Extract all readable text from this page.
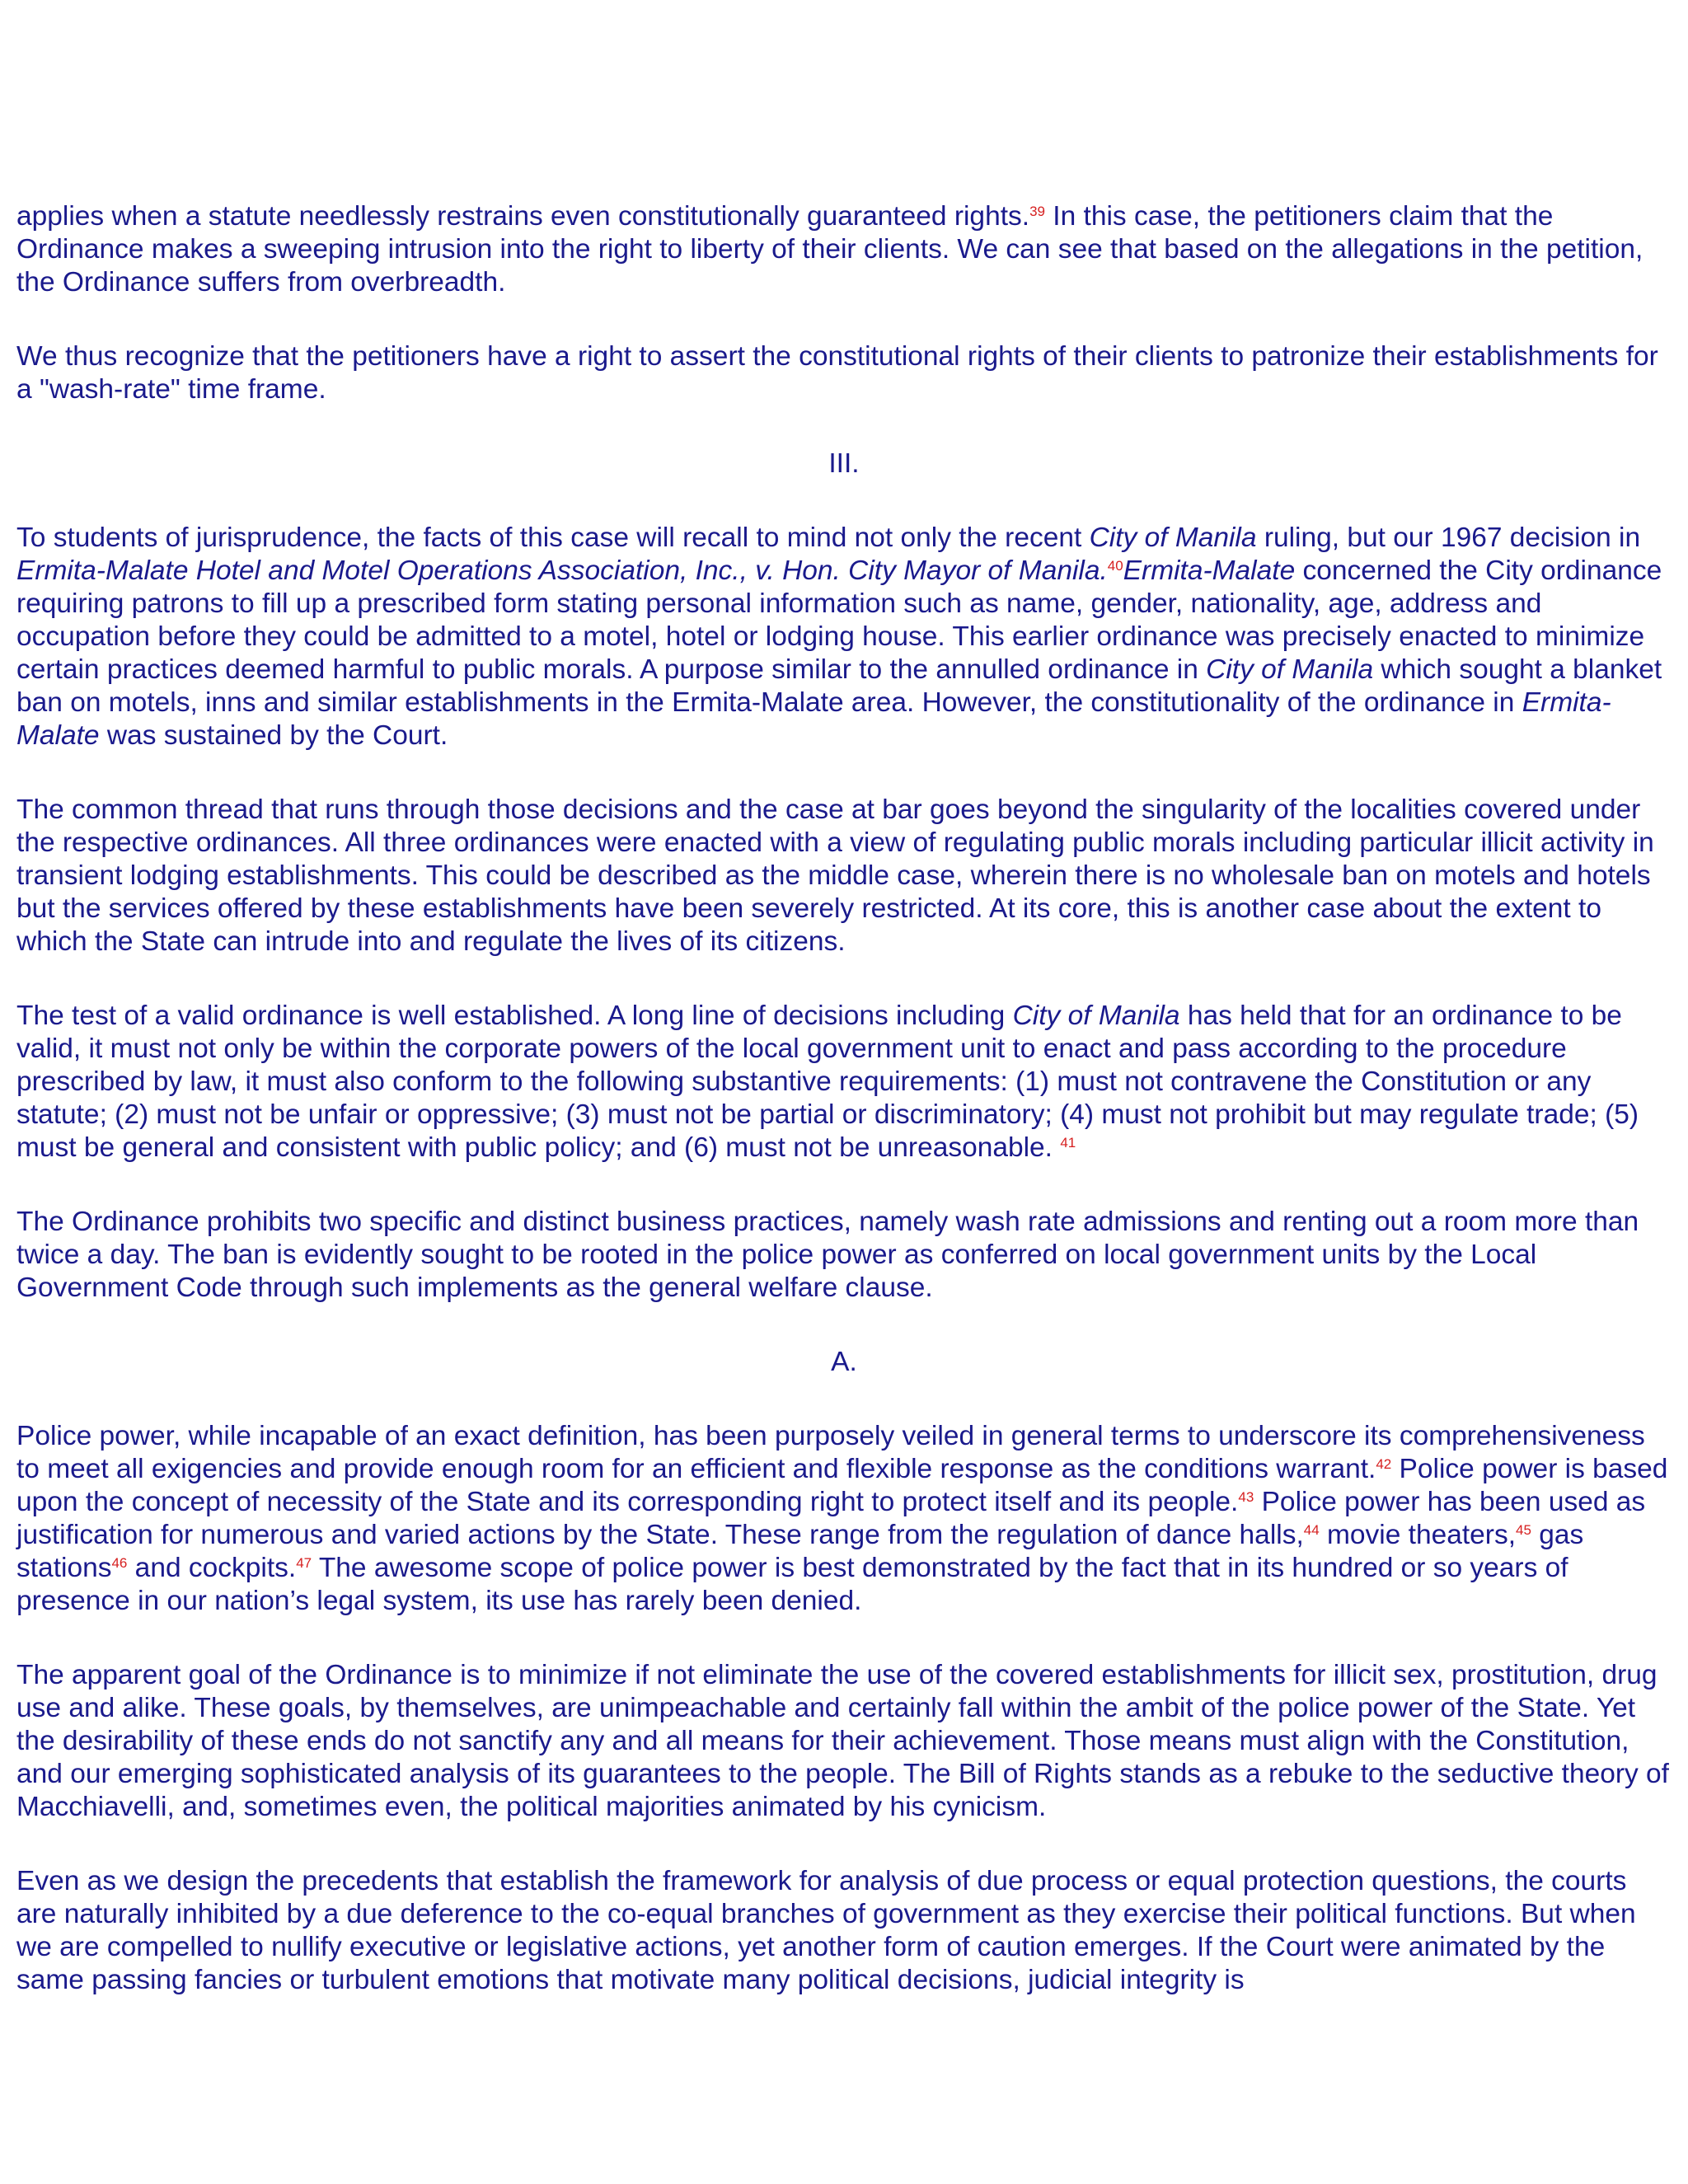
applies when a statute needlessly restrains even constitutionally guaranteed rights.$^{39}$ In this case, the petitioners claim that the Ordinance makes a sweeping intrusion into the right to liberty of their clients. We can see that based on the allegations in the petition, the Ordinance suffers from overbreadth.

We thus recognize that the petitioners have a right to assert the constitutional rights of their clients to patronize their establishments for a "wash-rate" time frame.

III.

To students of jurisprudence, the facts of this case will recall to mind not only the recent City of Manila ruling, but our 1967 decision in Ermita-Malate Hotel and Motel Operations Association, Inc., v. Hon. City Mayor of Manila.$^{40}$Ermita-Malate concerned the City ordinance requiring patrons to fill up a prescribed form stating personal information such as name, gender, nationality, age, address and occupation before they could be admitted to a motel, hotel or lodging house. This earlier ordinance was precisely enacted to minimize certain practices deemed harmful to public morals. A purpose similar to the annulled ordinance in City of Manila which sought a blanket ban on motels, inns and similar establishments in the Ermita-Malate area. However, the constitutionality of the ordinance in Ermita-Malate was sustained by the Court.

The common thread that runs through those decisions and the case at bar goes beyond the singularity of the localities covered under the respective ordinances. All three ordinances were enacted with a view of regulating public morals including particular illicit activity in transient lodging establishments. This could be described as the middle case, wherein there is no wholesale ban on motels and hotels but the services offered by these establishments have been severely restricted. At its core, this is another case about the extent to which the State can intrude into and regulate the lives of its citizens.

The test of a valid ordinance is well established. A long line of decisions including City of Manila has held that for an ordinance to be valid, it must not only be within the corporate powers of the local government unit to enact and pass according to the procedure prescribed by law, it must also conform to the following substantive requirements: (1) must not contravene the Constitution or any statute; (2) must not be unfair or oppressive; (3) must not be partial or discriminatory; (4) must not prohibit but may regulate trade; (5) must be general and consistent with public policy; and (6) must not be unreasonable. $^{41}$

The Ordinance prohibits two specific and distinct business practices, namely wash rate admissions and renting out a room more than twice a day. The ban is evidently sought to be rooted in the police power as conferred on local government units by the Local Government Code through such implements as the general welfare clause.

A.

Police power, while incapable of an exact definition, has been purposely veiled in general terms to underscore its comprehensiveness to meet all exigencies and provide enough room for an efficient and flexible response as the conditions warrant.$^{42}$ Police power is based upon the concept of necessity of the State and its corresponding right to protect itself and its people.$^{43}$ Police power has been used as justification for numerous and varied actions by the State. These range from the regulation of dance halls,$^{44}$ movie theaters,$^{45}$ gas stations$^{46}$ and cockpits.$^{47}$ The awesome scope of police power is best demonstrated by the fact that in its hundred or so years of presence in our nation’s legal system, its use has rarely been denied.

The apparent goal of the Ordinance is to minimize if not eliminate the use of the covered establishments for illicit sex, prostitution, drug use and alike. These goals, by themselves, are unimpeachable and certainly fall within the ambit of the police power of the State. Yet the desirability of these ends do not sanctify any and all means for their achievement. Those means must align with the Constitution, and our emerging sophisticated analysis of its guarantees to the people. The Bill of Rights stands as a rebuke to the seductive theory of Macchiavelli, and, sometimes even, the political majorities animated by his cynicism.

Even as we design the precedents that establish the framework for analysis of due process or equal protection questions, the courts are naturally inhibited by a due deference to the co-equal branches of government as they exercise their political functions. But when we are compelled to nullify executive or legislative actions, yet another form of caution emerges. If the Court were animated by the same passing fancies or turbulent emotions that motivate many political decisions, judicial integrity is
